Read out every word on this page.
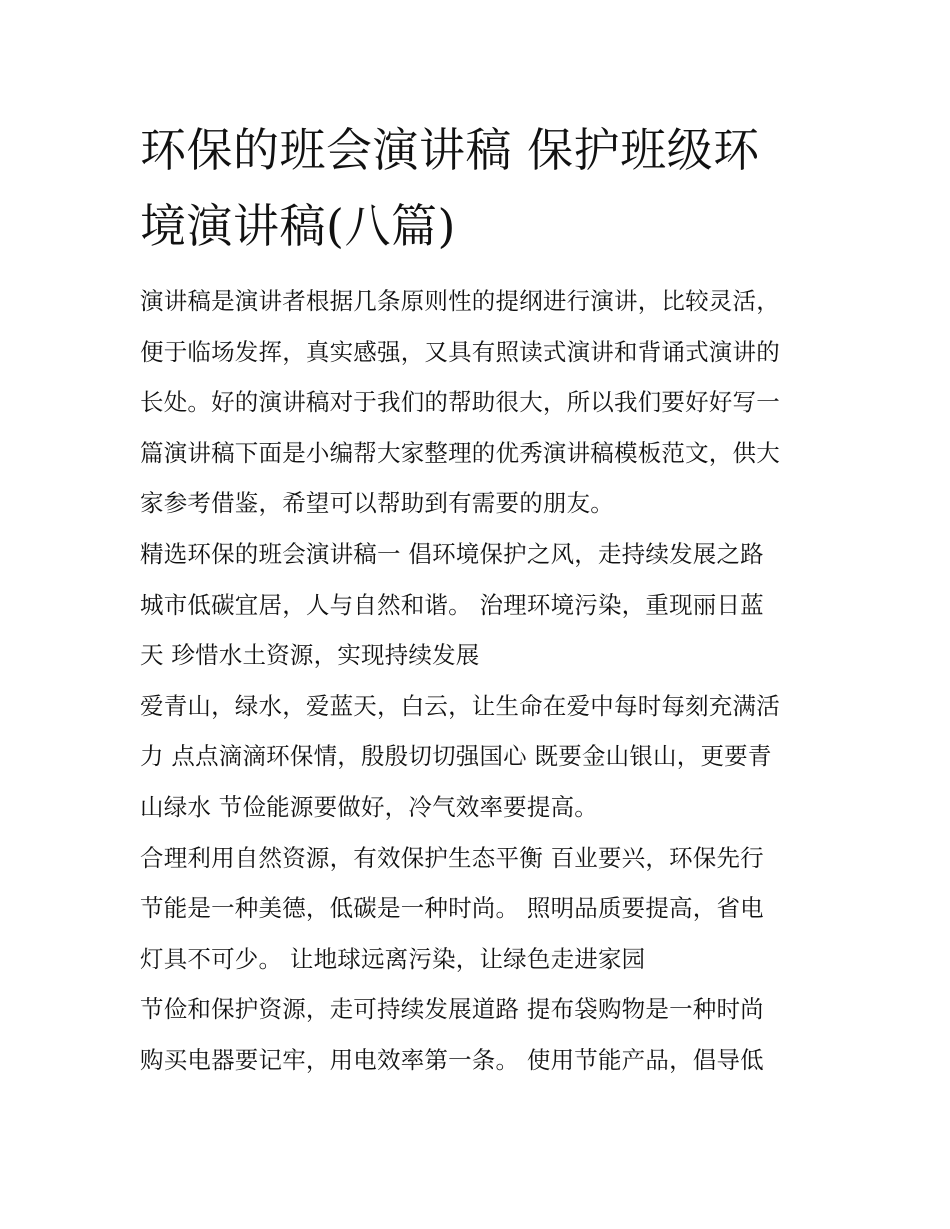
环保的班会演讲稿 保护班级环
境演讲稿(八篇)
演讲稿是演讲者根据几条原则性的提纲进行演讲，比较灵活，
便于临场发挥，真实感强，又具有照读式演讲和背诵式演讲的
长处。好的演讲稿对于我们的帮助很大，所以我们要好好写一
篇演讲稿下面是小编帮大家整理的优秀演讲稿模板范文，供大
家参考借鉴，希望可以帮助到有需要的朋友。
精选环保的班会演讲稿一 倡环境保护之风，走持续发展之路
城市低碳宜居，人与自然和谐。 治理环境污染，重现丽日蓝
天 珍惜水土资源，实现持续发展
爱青山，绿水，爱蓝天，白云，让生命在爱中每时每刻充满活
力 点点滴滴环保情，殷殷切切强国心 既要金山银山，更要青
山绿水 节俭能源要做好，冷气效率要提高。
合理利用自然资源，有效保护生态平衡 百业要兴，环保先行
节能是一种美德，低碳是一种时尚。 照明品质要提高，省电
灯具不可少。 让地球远离污染，让绿色走进家园
节俭和保护资源，走可持续发展道路 提布袋购物是一种时尚
购买电器要记牢，用电效率第一条。 使用节能产品，倡导低
